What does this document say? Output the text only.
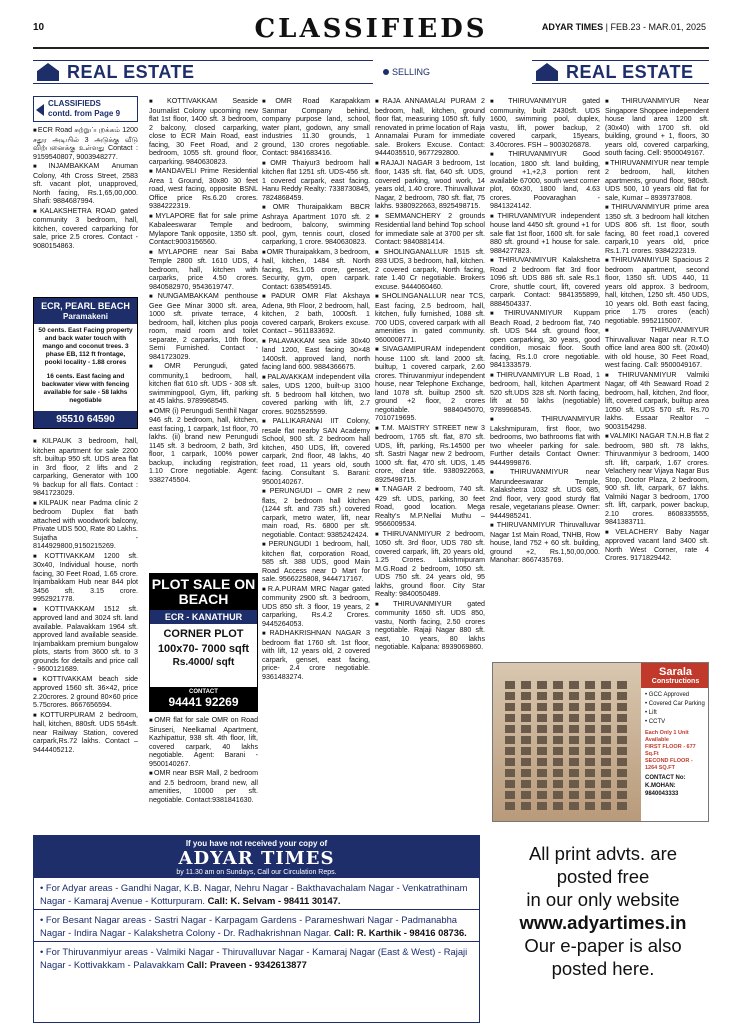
10	CLASSIFIEDS	ADYAR TIMES | FEB.23 - MAR.01, 2025
REAL ESTATE	SELLING	REAL ESTATE
CLASSIFIEDS
contd. from Page 9

■ ECR Road சுற்றுப்புறக்கம் 1200 சதுர அடியில் 3 அடுக்கு வீடு விற்பனைக்கு உள்ளது Contact : 9159540807, 9003948277.

■ INJAMBAKKAM Anuman Colony, 4th Cross Street, 2583 sft. vacant plot, unapproved, North facing, Rs.1,65,00,000. Shafi: 9884687994.

■ KALAKSHETRA ROAD gated community 3 bedroom, hall, kitchen, covered carparking for sale, price 2.5 crores. Contact - 9080154863.

ECR, PEARL BEACH
Paramakeni
50 cents. East Facing property and back water touch with mango and coconut trees. 3 phase EB, 112 ft frontage, pooki locality - 1.88 crores
16 cents. East facing and backwater view with fencing available for sale - 58 lakhs negotiable
95510 64590

■ KILPAUK 3 bedroom, hall, kitchen apartment for sale 2200 sft. builtup 950 sft. UDS area flat in 3rd floor, 2 lifts and 2 carparking, Generator with 100 % backup for all flats. Contact : 9841723029.

■ KILPAUK near Padma clinic 2 bedroom Duplex flat bath attached with woodwork balcony, Private UDS 500, Rate 80 Lakhs. Sujatha - 8144929800,9150215269.

■ KOTTIVAKKAM 1200 sft. 30x40, Individual house, north facing, 30 Feet Road, 1.65 crore. Injambakkam Hub near 844 plot 3456 sft. 3.15 crore. 9952921778.

■ KOTTIVAKKAM 1512 sft. approved land and 3024 sft. land available. Palavakkam 1964 sft. approved land available seaside. Injambakkam premium bungalow plots, starts from 3600 sft. to 3 grounds for details and price call - 9600121689.

■ KOTTIVAKKAM beach side approved 1560 sft. 36×42, price 2.20crores. 2 ground 80×60 price 5.75crores. 8667656594.

■ KOTTURPURAM 2 bedroom, hall, kitchen, 880sft. UDS 554sft. near Railway Station, covered carpark,Rs.72 lakhs. Contact – 9444405212.

■ KOTTIVAKKAM Seaside Journalist Colony upcoming new flat 1st floor, 1400 sft. 3 bedroom, 2 balcony, closed carparking, close to ECR Main Road, east facing, 30 Feet Road, and 2 bedroom, 1055 sft. ground floor, carparking. 9840630823.

■ MANDAVELI Prime Residential Area 1 Ground, 30x80 30 feet road, west facing, opposite BSNL Office price Rs.6.20 crores. 9384222319.

■ MYLAPORE flat for sale prime Kabaleeswarar Temple and Mylapore Tank opposite, 1350 sft. Contact:9003156560.

■ MYLAPORE near Sai Baba Temple 2800 sft. 1610 UDS, 4 bedroom, hall, kitchen with carparks, price 4.50 crores. 9840582970, 9543619747.

■ NUNGAMBAKKAM penthouse Gee Gee Minar 3000 sft. area, 1000 sft. private terrace, 4 bedroom, hall, kitchen plus pooja room, maid room and toilet separate, 2 carparks, 10th floor, Semi Furnished. Contact - 9841723029.

■ OMR Perungudi, gated community,1 bedroom, hall, kitchen flat 610 sft. UDS - 308 sft. swimmingpool, Gym, lift, parking at 45 lakhs. 9789968545.

■ OMR (i) Perungudi Senthil Nagar 946 sft. 2 bedroom, hall, kitchen, east facing, 1 carpark, 1st floor, 70 lakhs. (ii) brand new Perungudi 1145 sft. 3 bedroom, 2 bath, 3rd floor, 1 carpark, 100% power backup, including registration, 1.10 Crore negotiable. Agent: 9382745504.

PLOT SALE ON BEACH
ECR - KANATHUR
CORNER PLOT
100x70- 7000 sqft
Rs.4000/ sqft
CONTACT
94441 92269

■ OMR flat for sale OMR on Road Siruseri, Neelkamal Apartment, Kazhipattur, 938 sft. 4th floor, lift, covered carpark, 40 lakhs negotiable. Agent: Barani - 9500140267.

■ OMR near BSR Mall, 2 bedroom and 2.5 bedroom, brand new, all amenities, 10000 per sft. negotiable. Contact:9381841630.

■ OMR Road Karapakkam Sanmar Company behind, company purpose land, school, water plant, godown, any small industries 11.30 grounds, 1 ground, 130 crores negotiable. Contact: 9841683416.

■ OMR Thaiyur3 bedroom hall kitchen flat 1251 sft. UDS-456 sft. 1 covered carpark, east facing. Hanu Reddy Realty: 7338730845, 7824868459.

■ OMR Thuraipakkam BBCR Ashraya Apartment 1070 sft. 2 bedroom, balcony, swimming pool, gym, tennis court, closed carparking, 1 crore. 9840630823.

■ OMR Thuraipakkam, 3 bedroom, hall, kitchen, 1484 sft. North facing, Rs.1.05 crore, genset, Security, gym, open carpark. Contact: 6385459145.

■ PADUR OMR Flat Akshaya Adena, 9th Floor, 2 bedroom, hall, kitchen, 2 bath, 1000sft. 1 covered carpark, Brokers excuse. Contact – 9611833692.

■ PALAVAKKAM sea side 30x40 land 1200, East facing 30×48 1400sft. approved land, north facing land 600. 9884366675.

■ PALAVAKKAM independent villa sales, UDS 1200, built-up 3100 sft. 5 bedroom hall kitchen, two covered parking with lift, 2.7 crores. 9025525599.

■ PALLIKARANAI IIT Colony, resale flat nearby SAN Academy School, 900 sft. 2 bedroom hall kitchen, 450 UDS, lift, covered carpark, 2nd floor, 48 lakhs, 40 feet road, 11 years old, south facing. Consultant S. Barani: 9500140267.

■ PERUNGUDI – OMR 2 new flats, 2 bedroom hall kitchen (1244 sft. and 735 sft.) covered carpark, metro water, lift, near main road, Rs. 6800 per sft. negotiable. Contact: 9385242424.

■ PERUNGUDI 1 bedroom, hall, kitchen flat, corporation Road, 585 sft. 388 UDS, good Main Road Access near D Mart for sale. 9566225808, 9444717167.

■ R.A.PURAM MRC Nagar gated community 2900 sft. 3 bedroom, UDS 850 sft. 3 floor, 19 years, 2 carparking, Rs.4.2 Crores. 9445264053.

■ RADHAKRISHNAN NAGAR 3 bedroom flat 1760 sft. 1st floor, with lift, 12 years old, 2 covered carpark, genset, east facing, price- 2.4 crore negotiable. 9361483274.

■ RAJA ANNAMALAI PURAM 2 bedroom, hall, kitchen, ground floor flat, measuring 1050 sft. fully renovated in prime location of Raja Annamalai Puram for immediate sale. Brokers Excuse. Contact: 9444035510, 9677292800.

■ RAJAJI NAGAR 3 bedroom, 1st floor, 1435 sft. flat, 640 sft. UDS, covered parking, wood work, 14 years old, 1.40 crore. Thiruvalluvar Nagar, 2 bedroom, 780 sft. flat, 75 lakhs. 9380922663, 8925498715.

■ SEMMANCHERY 2 grounds Residential land behind Top school for immediate sale at 3700 per sft. Contact: 9840881414.

■ SHOLINGANALLUR 1515 sft. 893 UDS, 3 bedroom, hall, kitchen. 2 covered carpark, North facing, rate 1.40 Cr negotiable. Brokers excuse. 9444060460.

■ SHOLINGANALLUR near TCS, East facing, 2.5 bedroom, hall, kitchen, fully furnished, 1088 sft. 700 UDS, covered carpark with all amenities in gated community. 9600008771.

■ SIVAGAMIPURAM independent house 1100 sft. land 2000 sft. builtup, 1 covered carpark, 2.60 crores. Thiruvanmiyur independent house, near Telephone Exchange, land 1078 sft. builtup 2500 sft. ground +2 floor, 2 crores negotiable. 9884045070, 7010719695.

■ T.M. MAISTRY STREET new 3 bedroom, 1765 sft. flat, 870 sft. UDS, lift, parking, Rs.14500 per sft. Sastri Nagar new 2 bedroom, 1000 sft. flat, 470 sft. UDS, 1.45 crore, clear title. 9380922663, 8925498715.

■ T.NAGAR 2 bedroom, 740 sft. 429 sft. UDS, parking, 30 feet Road, good location. Mega Realty's M.P.Nellai Muthu – 9566009534.

■ THIRUVANMIYUR 2 bedroom, 1050 sft. 3rd floor, UDS 780 sft. covered carpark, lift, 20 years old, 1.25 Crores. Lakshmipuram M.G.Road 2 bedroom, 1050 sft. UDS 750 sft. 24 years old, 95 lakhs, ground floor. City Star Realty: 9840050489.

■ THIRUVANMIYUR gated community 1650 sft. UDS 850, vastu, North facing, 2.50 crores negotiable. Rajaji Nagar 880 sft. east, 10 years, 80 lakhs negotiable. Kalpana: 8939069860.

■ THIRUVANMIYUR gated community, built 2430sft. UDS 1600, swimming pool, duplex, vastu, lift, power backup, 2 covered carpark, 15years, 3.40crores. FSH – 9003026878.

■ THIRUVANMIYUR Good location, 1800 sft. land building, ground +1,+2,3 portion rent available 67000, south west corner plot, 60x30, 1800 land, 4.63 crores. Poovaraghan - 9841324142.

■ THIRUVANMIYUR independent house land 4450 sft. ground +1 for sale flat 1st floor, 1600 sft. for sale 880 sft. ground +1 house for sale. 9884277823.

■ THIRUVANMIYUR Kalakshetra Road 2 bedroom flat 3rd floor 1096 sft. UDS 886 sft. sale Rs.1 Crore, shuttle court, lift, covered carpark. Contact: 9841355899, 8884504337.

■ THIRUVANMIYUR Kuppam Beach Road, 2 bedroom flat, 740 sft. UDS 544 sft. ground floor, open carparking, 30 years, good condition, mosaic floor. South facing, Rs.1.0 crore negotiable. 9841333579.

■ THIRUVANMIYUR L.B Road, 1 bedroom, hall, kitchen Apartment 520 sft.UDS 328 sft. North facing, lift at 50 lakhs (negotiable) 9789968545.

■ THIRUVANMIYUR Lakshmipuram, first floor, two bedrooms, two bathrooms flat with two wheeler parking for sale. Further details Contact Owner: 9444999876.

■ THIRUVANMIYUR near Marundeeswarar Temple, Kalakshetra 1032 sft. UDS 685, 2nd floor, very good sturdy flat resale, vegetarians please. Owner: 9444985241.

■ THIRUVANMIYUR Thiruvalluvar Nagar 1st Main Road, TNHB, Row house, land 752 + 60 sft. building, ground +2, Rs.1,50,00,000. Manohar: 8667435769.

■ THIRUVANMIYUR Near Singapore Shoppee independent house land area 1200 sft. (30x40) with 1700 sft. old building, ground + 1, floors, 30 years old, covered carparking, south facing. Cell: 9500049167.

■ THIRUVANMIYUR near temple 2 bedroom, hall, kitchen apartments, ground floor, 980sft. UDS 500, 10 years old flat for sale, Kumar – 8939737808.

■ THIRUVANMIYUR prime area 1350 sft. 3 bedroom hall kitchen UDS 806 sft. 1st floor, south facing, 80 feet road,1 covered carpark,10 years old, price Rs.1.71 crores. 9384222319.

■ THIRUVANMIYUR Spacious 2 bedroom apartment, second floor, 1350 sft. UDS 440, 11 years old approx. 3 bedroom, hall, kitchen, 1250 sft. 450 UDS, 10 years old. Both east facing, price 1.75 crores (each) negotiable. 9952115007.

■ THIRUVANMIYUR Thiruvalluvar Nagar near R.T.O office land area 800 sft. (20x40) with old house, 30 Feet Road, west facing. Call: 9500049167.

■ THIRUVANMIYUR Valmiki Nagar, off 4th Seaward Road 2 bedroom, hall, kitchen, 2nd floor, lift, covered carpark, builtup area 1050 sft. UDS 570 sft. Rs.70 lakhs. Essaar Realtor – 9003154298.

■ VALMIKI NAGAR T.N.H.B flat 2 bedroom, 980 sft. 78 lakhs, Thiruvanmiyur 3 bedroom, 1400 sft. lift, carpark, 1.67 crores. Velachery near Vijaya Nagar Bus Stop, Doctor Plaza, 2 bedroom, 900 sft. lift, carpark, 67 lakhs. Valmiki Nagar 3 bedroom, 1700 sft. lift, carpark, power backup, 2.10 crores. 8608335555, 9841383711.

■ VELACHERY Baby Nagar approved vacant land 3400 sft. North West Corner, rate 4 Crores. 9171829442.

Sarala
Constructions
• GCC Approved
• Covered Car Parking
• Lift
• CCTV
Each Only 1 Unit Available
FIRST FLOOR - 677 Sq.Ft
SECOND FLOOR - 1264 SQ.FT
CONTACT No:
K.MOHAN: 9840043333
If you have not received your copy of
ADYAR TIMES
by 11.30 am on Sundays, Call our Circulation Reps.
• For Adyar areas - Gandhi Nagar, K.B. Nagar, Nehru Nagar - Bakthavachalam Nagar - Venkatrathinam Nagar - Kamaraj Avenue - Kotturpuram. Call: K. Selvam - 98411 30147.
• For Besant Nagar areas - Sastri Nagar - Karpagam Gardens - Parameshwari Nagar - Padmanabha Nagar - Indira Nagar - Kalakshetra Colony - Dr. Radhakrishnan Nagar. Call: R. Karthik - 98416 08736.
• For Thiruvanmiyur areas - Valmiki Nagar - Thiruvalluvar Nagar - Kamaraj Nagar (East & West) - Rajaji Nagar - Kottivakkam - Palavakkam Call: Praveen - 9342613877
All print advts. are
posted free
in our only website
www.adyartimes.in
Our e-paper is also
posted here.
